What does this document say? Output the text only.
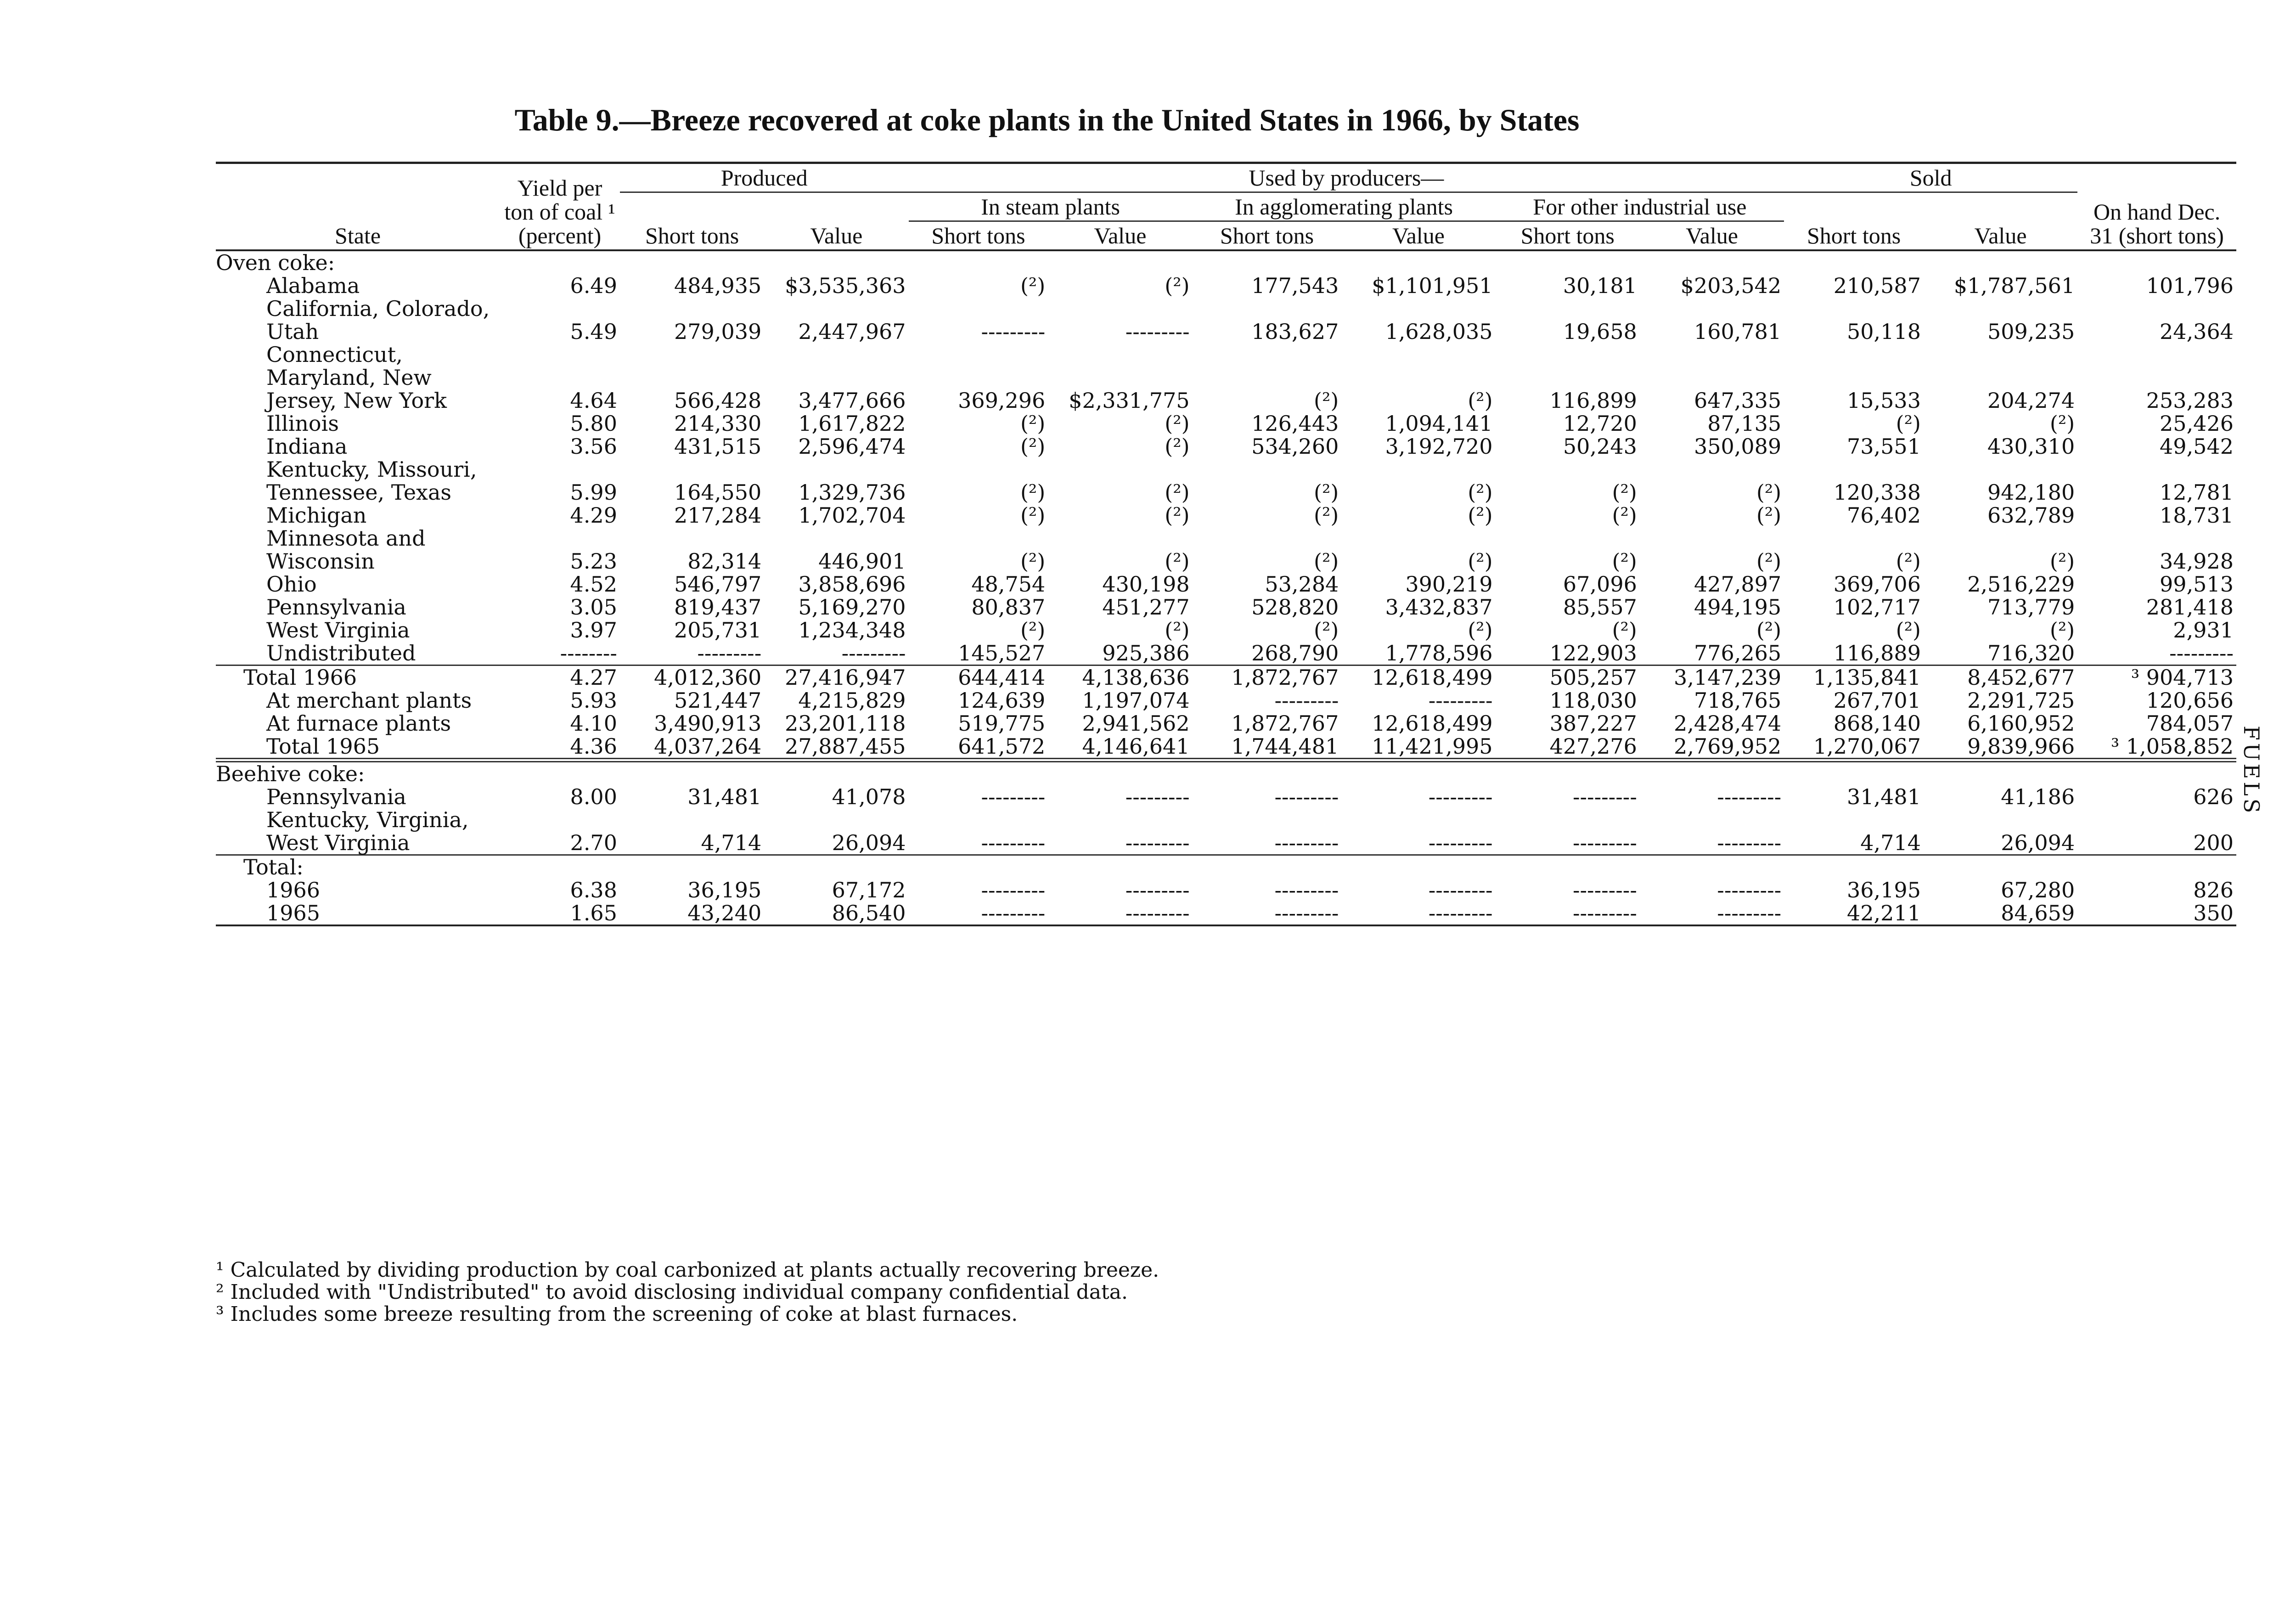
Table 9.—Breeze recovered at coke plants in the United States in 1966, by States
FUELS
State	Yield per ton of coal ¹ (percent)	Produced		Used by producers—						Sold		On hand Dec. 31 (short tons)
		Short tons	Value	In steam plants		In agglomerating plants		For other industrial use		Short tons	Value	
				Short tons	Value	Short tons	Value	Short tons	Value			
Oven coke:												
Alabama	6.49	484,935	$3,535,363	(²)	(²)	177,543	$1,101,951	30,181	$203,542	210,587	$1,787,561	101,796
California, Colorado, Utah	5.49	279,039	2,447,967	---------	---------	183,627	1,628,035	19,658	160,781	50,118	509,235	24,364
Connecticut, Maryland, New Jersey, New York	4.64	566,428	3,477,666	369,296	$2,331,775	(²)	(²)	116,899	647,335	15,533	204,274	253,283
Illinois	5.80	214,330	1,617,822	(²)	(²)	126,443	1,094,141	12,720	87,135	(²)	(²)	25,426
Indiana	3.56	431,515	2,596,474	(²)	(²)	534,260	3,192,720	50,243	350,089	73,551	430,310	49,542
Kentucky, Missouri, Tennessee, Texas	5.99	164,550	1,329,736	(²)	(²)	(²)	(²)	(²)	(²)	120,338	942,180	12,781
Michigan	4.29	217,284	1,702,704	(²)	(²)	(²)	(²)	(²)	(²)	76,402	632,789	18,731
Minnesota and Wisconsin	5.23	82,314	446,901	(²)	(²)	(²)	(²)	(²)	(²)	(²)	(²)	34,928
Ohio	4.52	546,797	3,858,696	48,754	430,198	53,284	390,219	67,096	427,897	369,706	2,516,229	99,513
Pennsylvania	3.05	819,437	5,169,270	80,837	451,277	528,820	3,432,837	85,557	494,195	102,717	713,779	281,418
West Virginia	3.97	205,731	1,234,348	(²)	(²)	(²)	(²)	(²)	(²)	(²)	(²)	2,931
Undistributed	--------	---------	---------	145,527	925,386	268,790	1,778,596	122,903	776,265	116,889	716,320	---------
Total 1966	4.27	4,012,360	27,416,947	644,414	4,138,636	1,872,767	12,618,499	505,257	3,147,239	1,135,841	8,452,677	³ 904,713
At merchant plants	5.93	521,447	4,215,829	124,639	1,197,074	---------	---------	118,030	718,765	267,701	2,291,725	120,656
At furnace plants	4.10	3,490,913	23,201,118	519,775	2,941,562	1,872,767	12,618,499	387,227	2,428,474	868,140	6,160,952	784,057
Total 1965	4.36	4,037,264	27,887,455	641,572	4,146,641	1,744,481	11,421,995	427,276	2,769,952	1,270,067	9,839,966	³ 1,058,852
Beehive coke:												
Pennsylvania	8.00	31,481	41,078	---------	---------	---------	---------	---------	---------	31,481	41,186	626
Kentucky, Virginia, West Virginia	2.70	4,714	26,094	---------	---------	---------	---------	---------	---------	4,714	26,094	200
Total:												
1966	6.38	36,195	67,172	---------	---------	---------	---------	---------	---------	36,195	67,280	826
1965	1.65	43,240	86,540	---------	---------	---------	---------	---------	---------	42,211	84,659	350
¹ Calculated by dividing production by coal carbonized at plants actually recovering breeze.
² Included with "Undistributed" to avoid disclosing individual company confidential data.
³ Includes some breeze resulting from the screening of coke at blast furnaces.
